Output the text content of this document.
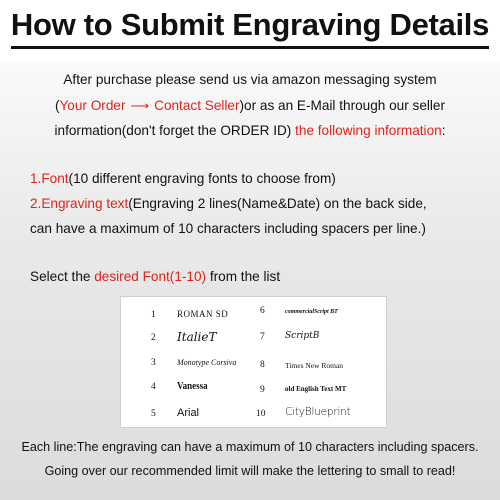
How to Submit Engraving Details
After purchase please send us via amazon messaging system
(Your Order ⟶ Contact Seller)or as an E-Mail through our seller
information(don't forget the ORDER ID) the following information:
1.Font(10 different engraving fonts to choose from)
2.Engraving text(Engraving 2 lines(Name&Date) on the back side,
can have a maximum of 10 characters including spacers per line.)
Select the desired Font(1-10) from the list
1 ROMAN SD
2 ItalieT
3	Monotype Corsiva
4 Vanessa
5 Arial
6	commercialScript BT
7 ScriptB
8	Times New Roman
9	old English Text MT
10 CityBlueprint
Each line:The engraving can have a maximum of 10 characters including spacers.
Going over our recommended limit will make the lettering to small to read!
